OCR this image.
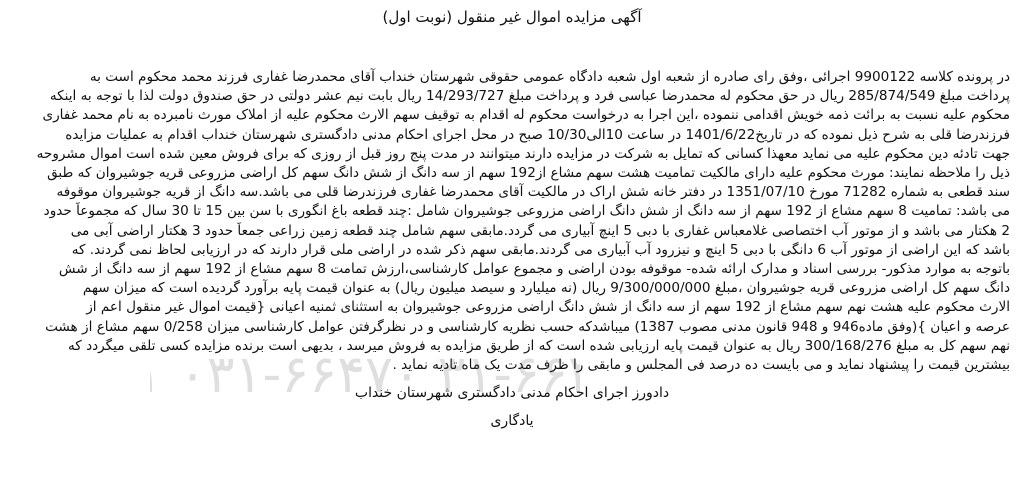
آگهی مزایده اموال غیر منقول (نوبت اول)
در پرونده کلاسه 9900122 اجرائی ،وفق رای صادره از شعبه اول شعبه دادگاه عمومی حقوقی شهرستان خنداب آقای محمدرضا غفاری فرزند محمد محکوم است به
پرداخت مبلغ 285/874/549 ریال در حق محکوم له محمدرضا عباسی فرد و پرداخت مبلغ 14/293/727 ریال بابت نیم عشر دولتی در حق صندوق دولت لذا با توجه به اینکه
محکوم علیه نسبت به برائت ذمه خویش اقدامی ننموده ،این اجرا به درخواست محکوم له اقدام به توقیف سهم الارث محکوم علیه از املاک مورث نامبرده به نام محمد غفاری
فرزندرضا قلی به شرح ذیل نموده که در تاریخ1401/6/22 در ساعت 10الی10/30 صبح در محل اجرای احکام مدنی دادگستری شهرستان خنداب اقدام به عملیات مزایده
جهت تادئه دین محکوم علیه می نماید معهذا کسانی که تمایل به شرکت در مزایده دارند میتوانند در مدت پنج روز قبل از روزی که برای فروش معین شده است اموال مشروحه
ذیل را ملاحظه نمایند: مورث محکوم علیه دارای مالکیت تمامیت هشت سهم مشاع از192 سهم از سه دانگ از شش دانگ سهم کل اراضی مزروعی قریه جوشیروان که طبق
سند قطعی به شماره 71282 مورخ 1351/07/10 در دفتر خانه شش اراک در مالکیت آقای محمدرضا غفاری فرزندرضا قلی می باشد.سه دانگ از قریه جوشیروان موقوفه
می باشد: تمامیت 8 سهم مشاع از 192 سهم از سه دانگ از شش دانگ اراضی مزروعی جوشیروان شامل :چند قطعه باغ انگوری با سن بین 15 تا 30 سال که مجموعاً حدود
2 هکتار می باشد و از موتور آب اختصاصی غلامعباس غفاری با دبی 5 اینچ آبیاری می گردد.مابقی سهم شامل چند قطعه زمین زراعی جمعاً حدود 3 هکتار اراضی آبی می
باشد که این اراضی از موتور آب 6 دانگی با دبی 5 اینچ و نیزرود آب آبیاری می گردند.مابقی سهم ذکر شده در اراضی ملی قرار دارند که در ارزیابی لحاظ نمی گردند. که
باتوجه به موارد مذکور- بررسی اسناد و مدارک ارائه شده- موقوفه بودن اراضی و مجموع عوامل کارشناسی،ارزش تمامت 8 سهم مشاع از 192 سهم از سه دانگ از شش
دانگ سهم کل اراضی مزروعی قریه جوشیروان ،مبلغ 9/300/000/000 ریال (نه میلیارد و سیصد میلیون ریال) به عنوان قیمت پایه برآورد گردیده است که میزان سهم
الارث محکوم علیه هشت نهم سهم مشاع از 192 سهم از سه دانگ از شش دانگ اراضی مزروعی جوشیروان به استثنای ثمنیه اعیانی {قیمت اموال غیر منقول اعم از
عرصه و اعیان }(وفق ماده946 و 948 قانون مدنی مصوب 1387) میباشدکه حسب نظریه کارشناسی و در نظرگرفتن عوامل کارشناسی میزان 0/258 سهم مشاع از هشت
نهم سهم کل به مبلغ 300/168/276 ریال به عنوان قیمت پایه ارزیابی شده است که از طریق مزایده به فروش میرسد ، بدیهی است برنده مزایده کسی تلقی میگردد که
بیشترین قیمت را پیشنهاد نماید و می بایست ده درصد فی المجلس و مابقی را ظرف مدت یک ماه تادیه نماید .
دادورز اجرای احکام مدنی دادگستری شهرستان خنداب
یادگاری
۳۱-۶۶ ۰۳۱-۶۶۴۷۰
